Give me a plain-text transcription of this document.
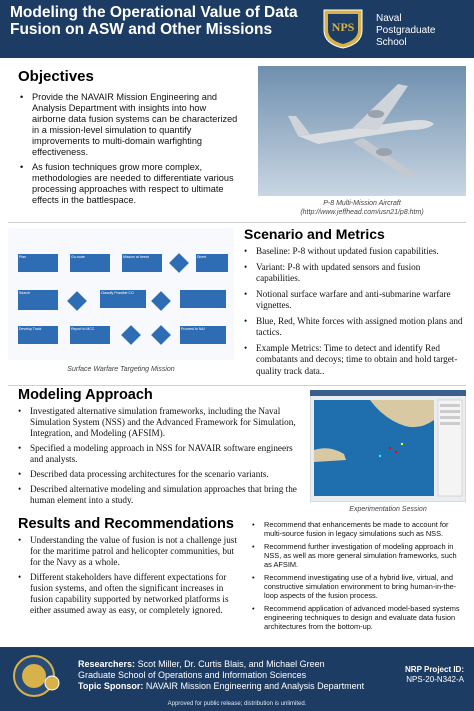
Modeling the Operational Value of Data Fusion on ASW and Other Missions	NPS
Naval
Postgraduate
School
Objectives
• Provide the NAVAIR Mission Engineering and Analysis Department with insights into how airborne data fusion systems can be characterized in a mission-level simulation to quantify improvements to multi-domain warfighting effectiveness.
• As fusion techniques grow more complex, methodologies are needed to differentiate various processing approaches with respect to ultimate effects in the battlespace.	P-8 Multi-Mission Aircraft
(http://www.jeffhead.com/usn21/p8.htm)
Plan	Go-route	Mission at threat	Divert
Search	Classify Possible CO
Develop Track	Report to MCC	Proceed to NAI
Surface Warfare Targeting Mission
Scenario and Metrics
• Baseline: P-8 without updated fusion capabilities.
• Variant: P-8 with updated sensors and fusion capabilities.
• Notional surface warfare and anti-submarine warfare vignettes.
• Blue, Red, White forces with assigned motion plans and tactics.
• Example Metrics: Time to detect and identify Red combatants and decoys; time to obtain and hold target-quality track data..
Modeling Approach
• Investigated alternative simulation frameworks, including the Naval Simulation System (NSS) and the Advanced Framework for Simulation, Integration, and Modeling (AFSIM).
• Specified a modeling approach in NSS for NAVAIR software engineers and analysts.
• Described data processing architectures for the scenario variants.
• Described alternative modeling and simulation approaches that bring the human element into a study.
Experimentation Session
Results and Recommendations
• Understanding the value of fusion is not a challenge just for the maritime patrol and helicopter communities, but for the Navy as a whole.
• Different stakeholders have different expectations for fusion systems, and often the significant increases in fusion capability supported by networked platforms is either assumed away as easy, or completely ignored.
• Recommend that enhancements be made to account for multi-source fusion in legacy simulations such as NSS.
• Recommend further investigation of modeling approach in NSS, as well as more general simulation frameworks, such as AFSIM.
• Recommend investigating use of a hybrid live, virtual, and constructive simulation environment to bring human-in-the-loop aspects of the fusion process.
• Recommend application of advanced model-based systems engineering techniques to design and evaluate data fusion architectures from the bottom-up.
Researchers: Scot Miller, Dr. Curtis Blais, and Michael Green
Graduate School of Operations and Information Sciences
Topic Sponsor: NAVAIR Mission Engineering and Analysis Department
NRP Project ID:
NPS-20-N342-A
Approved for public release; distribution is unlimited.
